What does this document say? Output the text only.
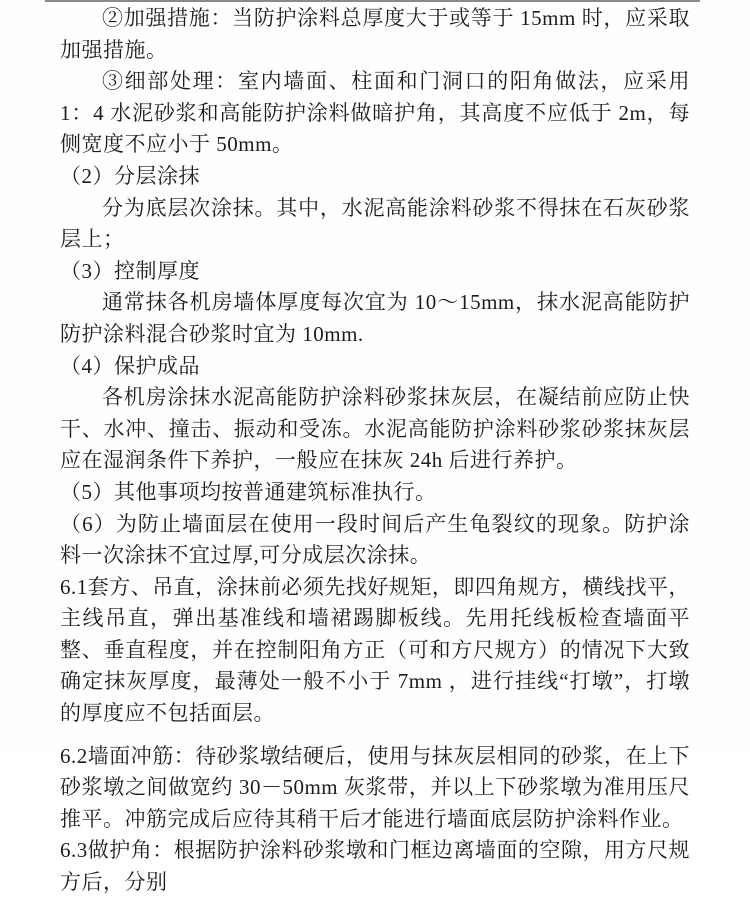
②加强措施：当防护涂料总厚度大于或等于 15mm 时，应采取加强措施。

③细部处理：室内墙面、柱面和门洞口的阳角做法，应采用 1：4 水泥砂浆和高能防护涂料做暗护角，其高度不应低于 2m，每侧宽度不应小于 50mm。

（2）分层涂抹

分为底层次涂抹。其中，水泥高能涂料砂浆不得抹在石灰砂浆层上；

（3）控制厚度

通常抹各机房墙体厚度每次宜为 10～15mm，抹水泥高能防护防护涂料混合砂浆时宜为 10mm.

（4）保护成品

各机房涂抹水泥高能防护涂料砂浆抹灰层，在凝结前应防止快干、水冲、撞击、振动和受冻。水泥高能防护涂料砂浆砂浆抹灰层应在湿润条件下养护，一般应在抹灰 24h 后进行养护。

（5）其他事项均按普通建筑标准执行。

（6）为防止墙面层在使用一段时间后产生龟裂纹的现象。防护涂料一次涂抹不宜过厚,可分成层次涂抹。

6.1套方、吊直，涂抹前必须先找好规矩，即四角规方，横线找平，主线吊直，弹出基准线和墙裙踢脚板线。先用托线板检查墙面平整、垂直程度，并在控制阳角方正（可和方尺规方）的情况下大致确定抹灰厚度，最薄处一般不小于 7mm ，进行挂线“打墩”，打墩的厚度应不包括面层。

6.2墙面冲筋：待砂浆墩结硬后，使用与抹灰层相同的砂浆，在上下砂浆墩之间做宽约 30－50mm 灰浆带，并以上下砂浆墩为准用压尺推平。冲筋完成后应待其稍干后才能进行墙面底层防护涂料作业。

6.3做护角：根据防护涂料砂浆墩和门框边离墙面的空隙，用方尺规方后，分别
